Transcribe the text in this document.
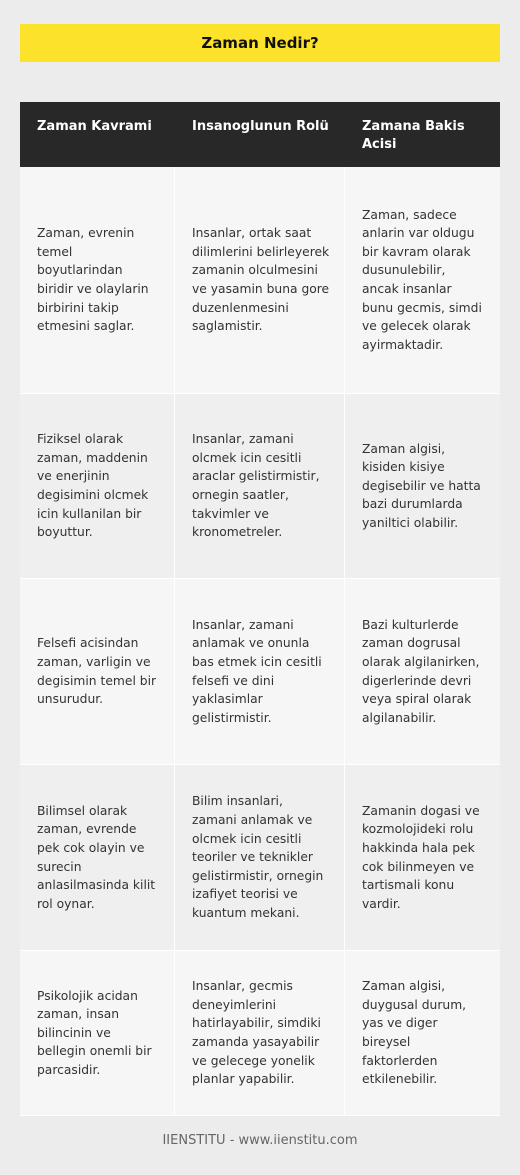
Zaman Nedir?
Zaman Kavrami	Insanoglunun Rolü	Zamana Bakis Acisi
Zaman, evrenin temel boyutlarindan biridir ve olaylarin birbirini takip etmesini saglar.
Insanlar, ortak saat dilimlerini belirleyerek zamanin olculmesini ve yasamin buna gore duzenlenmesini saglamistir.
Zaman, sadece anlarin var oldugu bir kavram olarak dusunulebilir, ancak insanlar bunu gecmis, simdi ve gelecek olarak ayirmaktadir.
Fiziksel olarak zaman, maddenin ve enerjinin degisimini olcmek icin kullanilan bir boyuttur.
Insanlar, zamani olcmek icin cesitli araclar gelistirmistir, ornegin saatler, takvimler ve kronometreler.
Zaman algisi, kisiden kisiye degisebilir ve hatta bazi durumlarda yaniltici olabilir.
Felsefi acisindan zaman, varligin ve degisimin temel bir unsurudur.
Insanlar, zamani anlamak ve onunla bas etmek icin cesitli felsefi ve dini yaklasimlar gelistirmistir.
Bazi kulturlerde zaman dogrusal olarak algilanirken, digerlerinde devri veya spiral olarak algilanabilir.
Bilimsel olarak zaman, evrende pek cok olayin ve surecin anlasilmasinda kilit rol oynar.
Bilim insanlari, zamani anlamak ve olcmek icin cesitli teoriler ve teknikler gelistirmistir, ornegin izafiyet teorisi ve kuantum mekani.
Zamanin dogasi ve kozmolojideki rolu hakkinda hala pek cok bilinmeyen ve tartismali konu vardir.
Psikolojik acidan zaman, insan bilincinin ve bellegin onemli bir parcasidir.
Insanlar, gecmis deneyimlerini hatirlayabilir, simdiki zamanda yasayabilir ve gelecege yonelik planlar yapabilir.
Zaman algisi, duygusal durum, yas ve diger bireysel faktorlerden etkilenebilir.
IIENSTITU - www.iienstitu.com
